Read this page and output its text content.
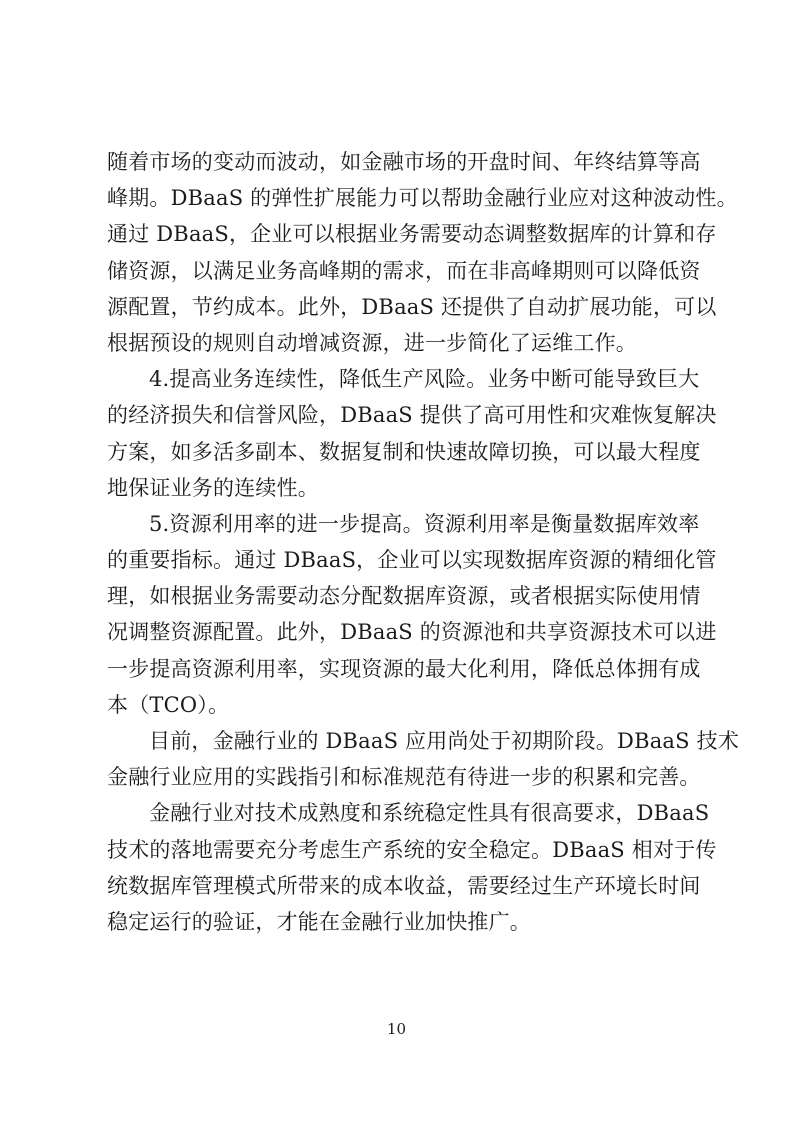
随着市场的变动而波动，如金融市场的开盘时间、年终结算等高
峰期。DBaaS 的弹性扩展能力可以帮助金融行业应对这种波动性。
通过 DBaaS，企业可以根据业务需要动态调整数据库的计算和存
储资源，以满足业务高峰期的需求，而在非高峰期则可以降低资
源配置，节约成本。此外，DBaaS 还提供了自动扩展功能，可以
根据预设的规则自动增减资源，进一步简化了运维工作。
4.提高业务连续性，降低生产风险。业务中断可能导致巨大
的经济损失和信誉风险，DBaaS 提供了高可用性和灾难恢复解决
方案，如多活多副本、数据复制和快速故障切换，可以最大程度
地保证业务的连续性。
5.资源利用率的进一步提高。资源利用率是衡量数据库效率
的重要指标。通过 DBaaS，企业可以实现数据库资源的精细化管
理，如根据业务需要动态分配数据库资源，或者根据实际使用情
况调整资源配置。此外，DBaaS 的资源池和共享资源技术可以进
一步提高资源利用率，实现资源的最大化利用，降低总体拥有成
本（TCO）。
目前，金融行业的 DBaaS 应用尚处于初期阶段。DBaaS 技术
金融行业应用的实践指引和标准规范有待进一步的积累和完善。
金融行业对技术成熟度和系统稳定性具有很高要求，DBaaS
技术的落地需要充分考虑生产系统的安全稳定。DBaaS 相对于传
统数据库管理模式所带来的成本收益，需要经过生产环境长时间
稳定运行的验证，才能在金融行业加快推广。
10
